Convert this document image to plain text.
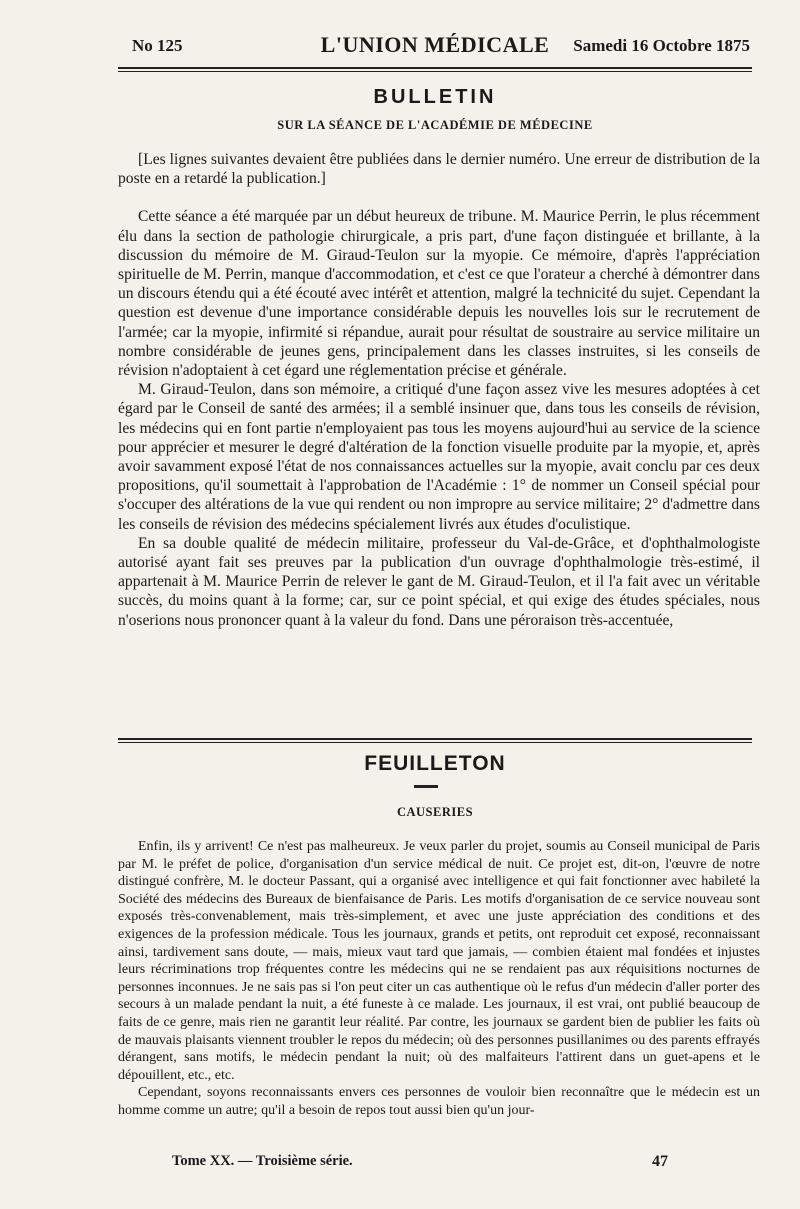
No 125	L'UNION MÉDICALE	Samedi 16 Octobre 1875
BULLETIN
SUR LA SÉANCE DE L'ACADÉMIE DE MÉDECINE

[Les lignes suivantes devaient être publiées dans le dernier numéro. Une erreur de distribution de la poste en a retardé la publication.]

Cette séance a été marquée par un début heureux de tribune. M. Maurice Perrin, le plus récemment élu dans la section de pathologie chirurgicale, a pris part, d'une façon distinguée et brillante, à la discussion du mémoire de M. Giraud-Teulon sur la myopie. Ce mémoire, d'après l'appréciation spirituelle de M. Perrin, manque d'accommodation, et c'est ce que l'orateur a cherché à démontrer dans un discours étendu qui a été écouté avec intérêt et attention, malgré la technicité du sujet. Cependant la question est devenue d'une importance considérable depuis les nouvelles lois sur le recrutement de l'armée; car la myopie, infirmité si répandue, aurait pour résultat de soustraire au service militaire un nombre considérable de jeunes gens, principalement dans les classes instruites, si les conseils de révision n'adoptaient à cet égard une réglementation précise et générale.

M. Giraud-Teulon, dans son mémoire, a critiqué d'une façon assez vive les mesures adoptées à cet égard par le Conseil de santé des armées; il a semblé insinuer que, dans tous les conseils de révision, les médecins qui en font partie n'employaient pas tous les moyens aujourd'hui au service de la science pour apprécier et mesurer le degré d'altération de la fonction visuelle produite par la myopie, et, après avoir savamment exposé l'état de nos connaissances actuelles sur la myopie, avait conclu par ces deux propositions, qu'il soumettait à l'approbation de l'Académie : 1° de nommer un Conseil spécial pour s'occuper des altérations de la vue qui rendent ou non impropre au service militaire; 2° d'admettre dans les conseils de révision des médecins spécialement livrés aux études d'oculistique.

En sa double qualité de médecin militaire, professeur du Val-de-Grâce, et d'ophthalmologiste autorisé ayant fait ses preuves par la publication d'un ouvrage d'ophthalmologie très-estimé, il appartenait à M. Maurice Perrin de relever le gant de M. Giraud-Teulon, et il l'a fait avec un véritable succès, du moins quant à la forme; car, sur ce point spécial, et qui exige des études spéciales, nous n'oserions nous prononcer quant à la valeur du fond. Dans une péroraison très-accentuée,

FEUILLETON
CAUSERIES

Enfin, ils y arrivent! Ce n'est pas malheureux. Je veux parler du projet, soumis au Conseil municipal de Paris par M. le préfet de police, d'organisation d'un service médical de nuit. Ce projet est, dit-on, l'œuvre de notre distingué confrère, M. le docteur Passant, qui a organisé avec intelligence et qui fait fonctionner avec habileté la Société des médecins des Bureaux de bienfaisance de Paris. Les motifs d'organisation de ce service nouveau sont exposés très-convenablement, mais très-simplement, et avec une juste appréciation des conditions et des exigences de la profession médicale. Tous les journaux, grands et petits, ont reproduit cet exposé, reconnaissant ainsi, tardivement sans doute, — mais, mieux vaut tard que jamais, — combien étaient mal fondées et injustes leurs récriminations trop fréquentes contre les médecins qui ne se rendaient pas aux réquisitions nocturnes de personnes inconnues. Je ne sais pas si l'on peut citer un cas authentique où le refus d'un médecin d'aller porter des secours à un malade pendant la nuit, a été funeste à ce malade. Les journaux, il est vrai, ont publié beaucoup de faits de ce genre, mais rien ne garantit leur réalité. Par contre, les journaux se gardent bien de publier les faits où de mauvais plaisants viennent troubler le repos du médecin; où des personnes pusillanimes ou des parents effrayés dérangent, sans motifs, le médecin pendant la nuit; où des malfaiteurs l'attirent dans un guet-apens et le dépouillent, etc., etc.

Cependant, soyons reconnaissants envers ces personnes de vouloir bien reconnaître que le médecin est un homme comme un autre; qu'il a besoin de repos tout aussi bien qu'un jour-

Tome XX. — Troisième série.	47
